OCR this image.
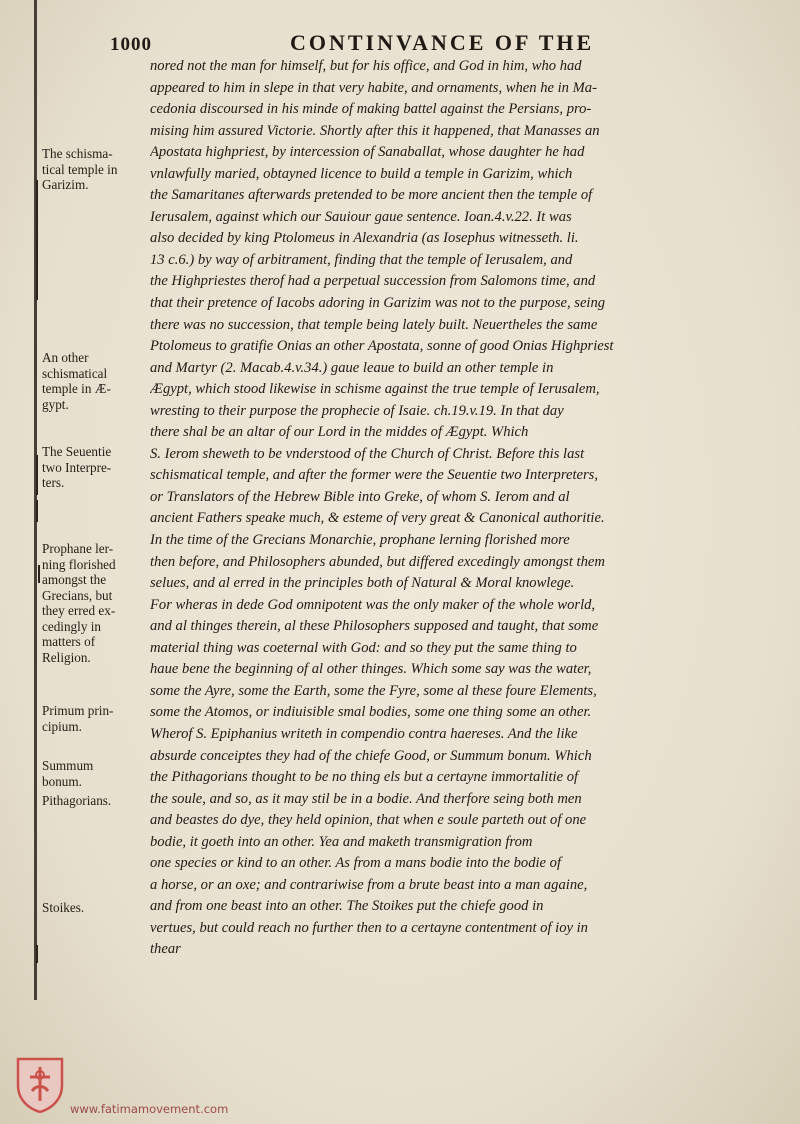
1000	CONTINVANCE OF THE
nored not the man for himself, but for his office, and God in him, who had
appeared to him in slepe in that very habite, and ornaments, when he in Ma-
cedonia discoursed in his minde of making battel against the Persians, pro-
mising him assured Victorie. Shortly after this it happened, that Manasses an
Apostata highpriest, by intercession of Sanaballat, whose daughter he had
vnlawfully maried, obtayned licence to build a temple in Garizim, which
the Samaritanes afterwards pretended to be more ancient then the temple of
Ierusalem, against which our Sauiour gaue sentence. Ioan.4.v.22. It was
also decided by king Ptolomeus in Alexandria (as Iosephus witnesseth. li.
13 c.6.) by way of arbitrament, finding that the temple of Ierusalem, and
the Highpriestes therof had a perpetual succession from Salomons time, and
that their pretence of Iacobs adoring in Garizim was not to the purpose, seing
there was no succession, that temple being lately built. Neuertheles the same
Ptolomeus to gratifie Onias an other Apostata, sonne of good Onias Highpriest
and Martyr (2. Macab.4.v.34.) gaue leaue to build an other temple in
Ægypt, which stood likewise in schisme against the true temple of Ierusalem,
wresting to their purpose the prophecie of Isaie. ch.19.v.19. In that day
there shal be an altar of our Lord in the middes of Ægypt. Which
S. Ierom sheweth to be vnderstood of the Church of Christ. Before this last
schismatical temple, and after the former were the Seuentie two Interpreters,
or Translators of the Hebrew Bible into Greke, of whom S. Ierom and al
ancient Fathers speake much, & esteme of very great & Canonical authoritie.
In the time of the Grecians Monarchie, prophane lerning florished more
then before, and Philosophers abunded, but differed excedingly amongst them
selues, and al erred in the principles both of Natural & Moral knowlege.
For wheras in dede God omnipotent was the only maker of the whole world,
and al thinges therein, al these Philosophers supposed and taught, that some
material thing was coeternal with God: and so they put the same thing to
haue bene the beginning of al other thinges. Which some say was the water,
some the Ayre, some the Earth, some the Fyre, some al these foure Elements,
some the Atomos, or indiuisible smal bodies, some one thing some an other.
Wherof S. Epiphanius writeth in compendio contra haereses. And the like
absurde conceiptes they had of the chiefe Good, or Summum bonum. Which
the Pithagorians thought to be no thing els but a certayne immortalitie of
the soule, and so, as it may stil be in a bodie. And therfore seing both men
and beastes do dye, they held opinion, that when e soule parteth out of one
bodie, it goeth into an other. Yea and maketh transmigration from
one species or kind to an other. As from a mans bodie into the bodie of
a horse, or an oxe; and contrariwise from a brute beast into a man againe,
and from one beast into an other. The Stoikes put the chiefe good in
vertues, but could reach no further then to a certayne contentment of ioy in
thear
The schisma-
tical temple in
Garizim.
An other
schismatical
temple in Æ-
gypt.
The Seuentie
two Interpre-
ters.
Prophane ler-
ning florished
amongst the
Grecians, but
they erred ex-
cedingly in
matters of
Religion.
Primum prin-
cipium.
Summum
bonum.
Pithagorians.
Stoikes.
www.fatimamovement.com
